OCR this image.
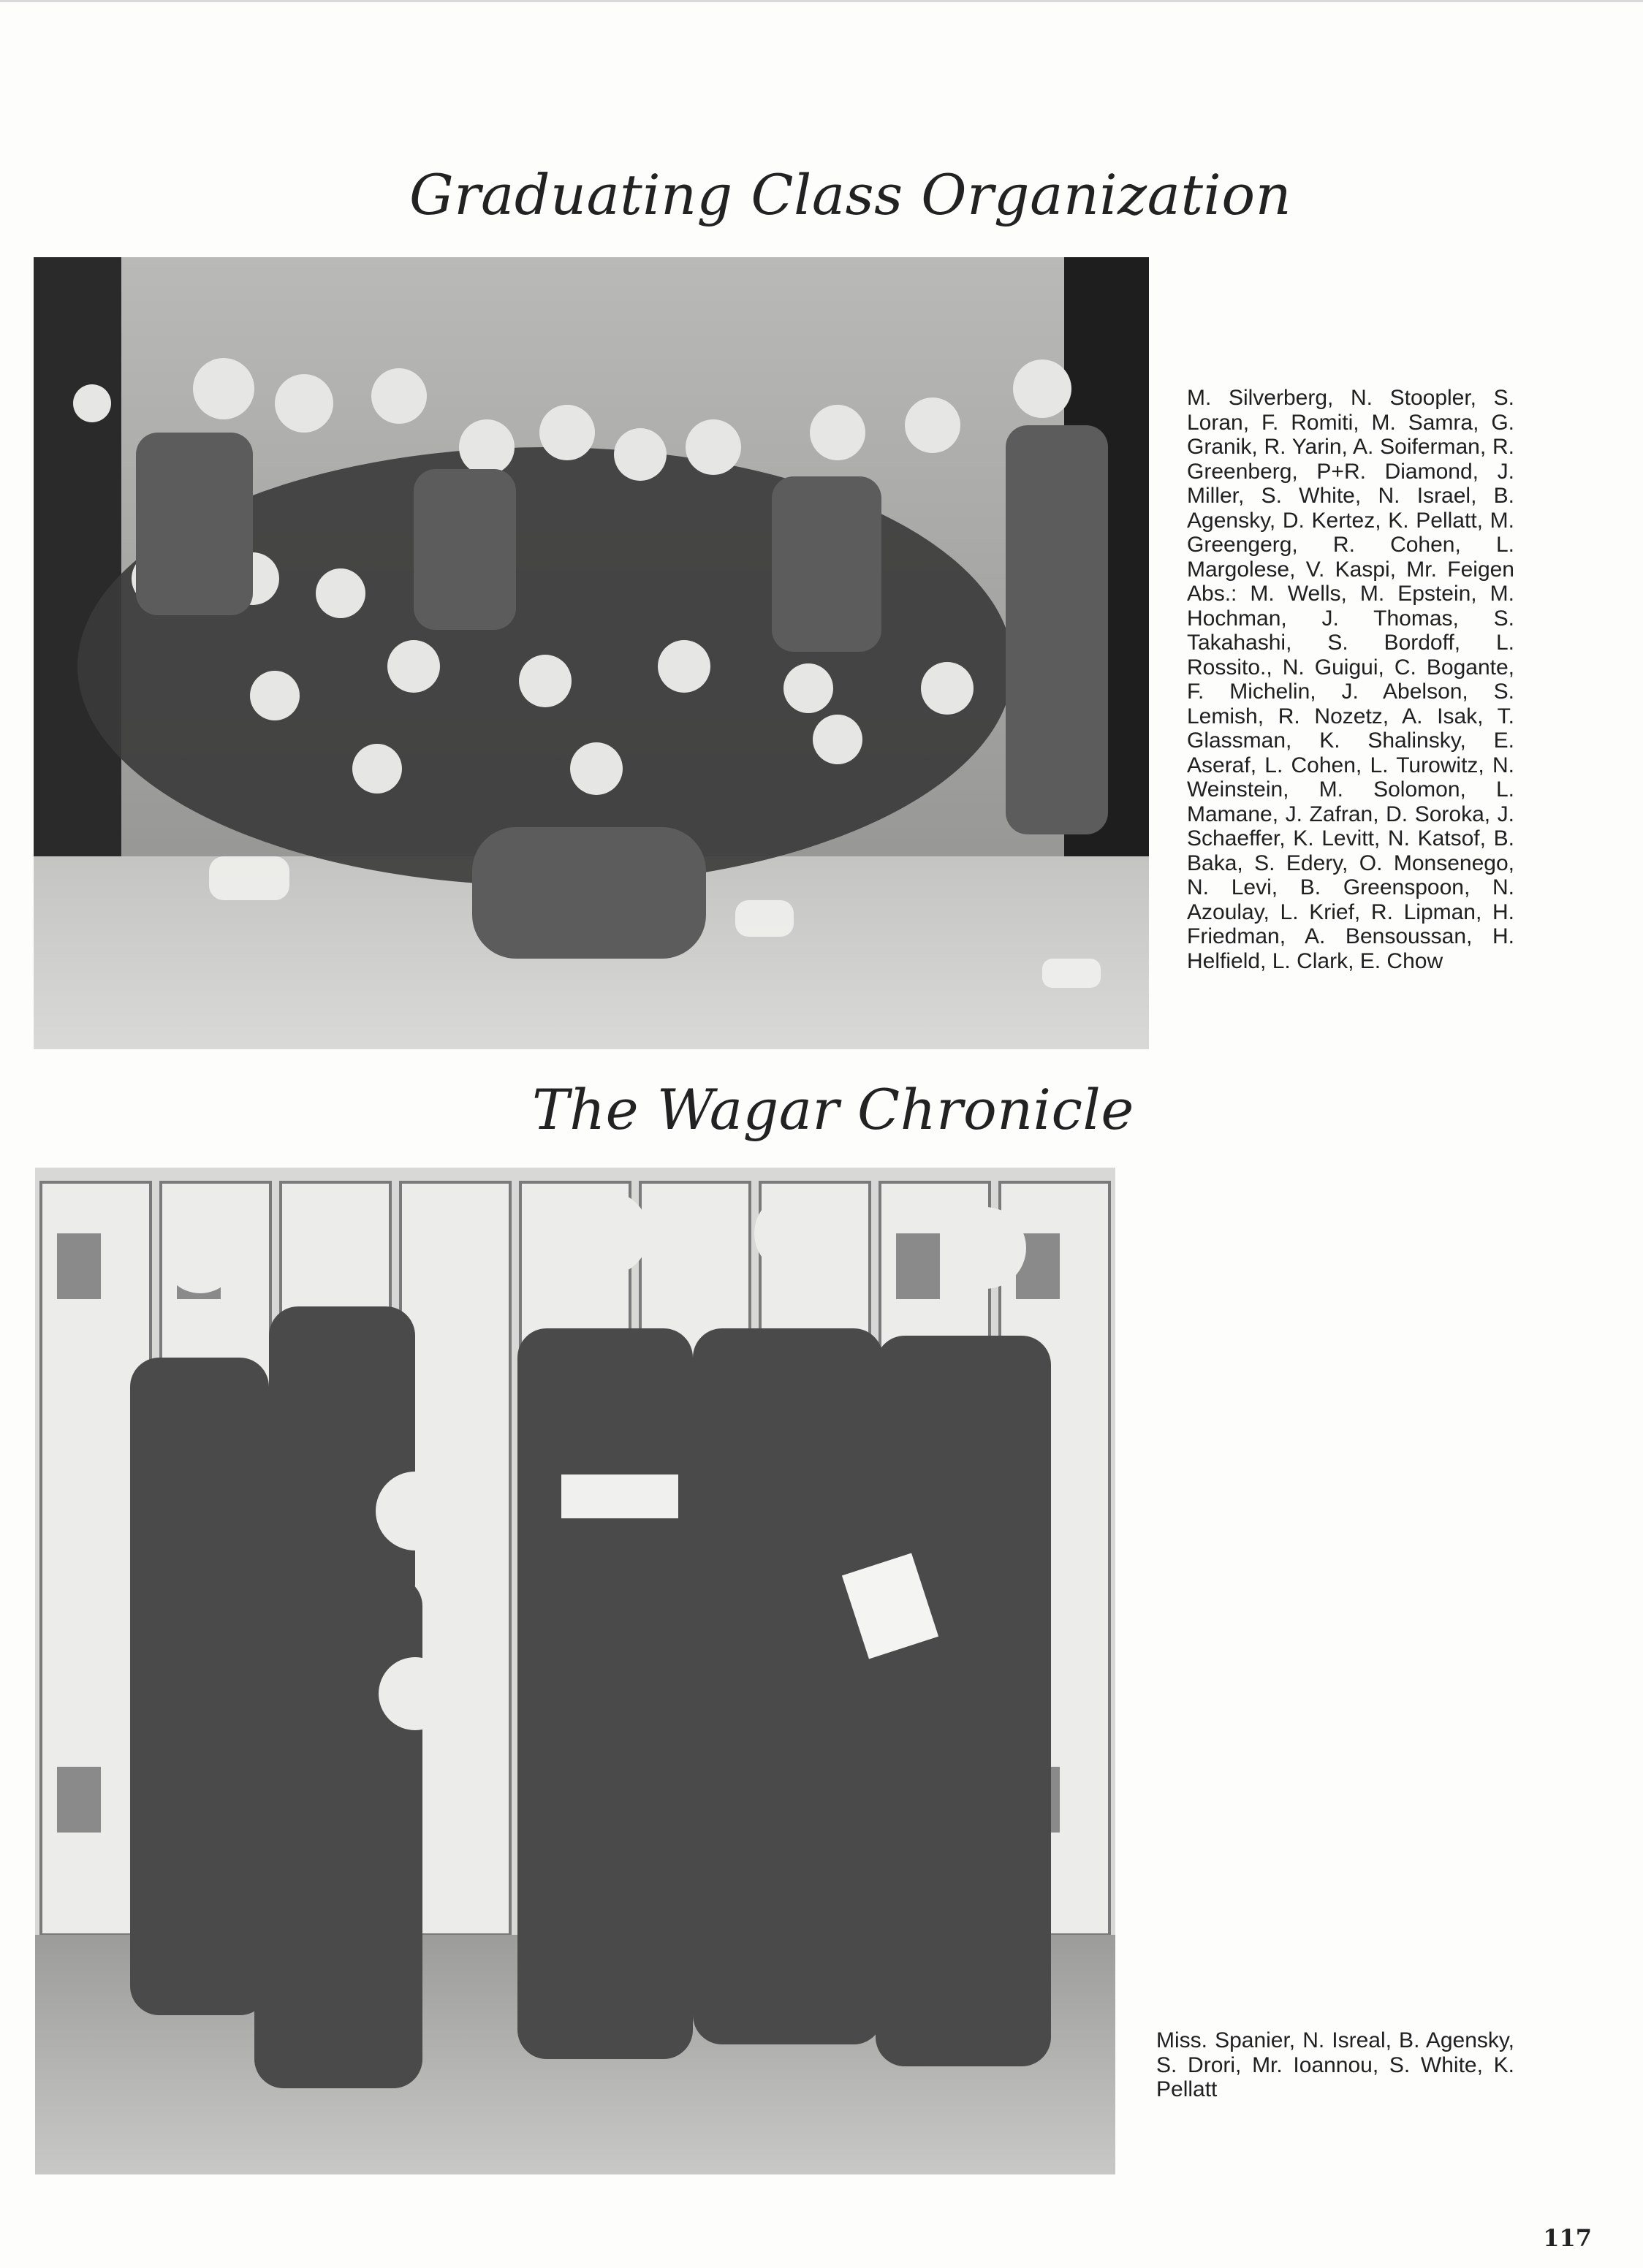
Graduating Class Organization
M. Silverberg, N. Stoopler, S. Loran, F. Romiti, M. Samra, G. Granik, R. Yarin, A. Soiferman, R. Greenberg, P+R. Diamond, J. Miller, S. White, N. Israel, B. Agensky, D. Kertez, K. Pellatt, M. Greengerg, R. Cohen, L. Margolese, V. Kaspi, Mr. Feigen Abs.: M. Wells, M. Epstein, M. Hochman, J. Thomas, S. Takahashi, S. Bordoff, L. Rossito., N. Guigui, C. Bogante, F. Michelin, J. Abelson, S. Lemish, R. Nozetz, A. Isak, T. Glassman, K. Shalinsky, E. Aseraf, L. Cohen, L. Turowitz, N. Weinstein, M. Solomon, L. Mamane, J. Zafran, D. Soroka, J. Schaeffer, K. Levitt, N. Katsof, B. Baka, S. Edery, O. Monsenego, N. Levi, B. Greenspoon, N. Azoulay, L. Krief, R. Lipman, H. Friedman, A. Bensoussan, H. Helfield, L. Clark, E. Chow
The Wagar Chronicle
Miss. Spanier, N. Isreal, B. Agensky, S. Drori, Mr. Ioannou, S. White, K. Pellatt
117
